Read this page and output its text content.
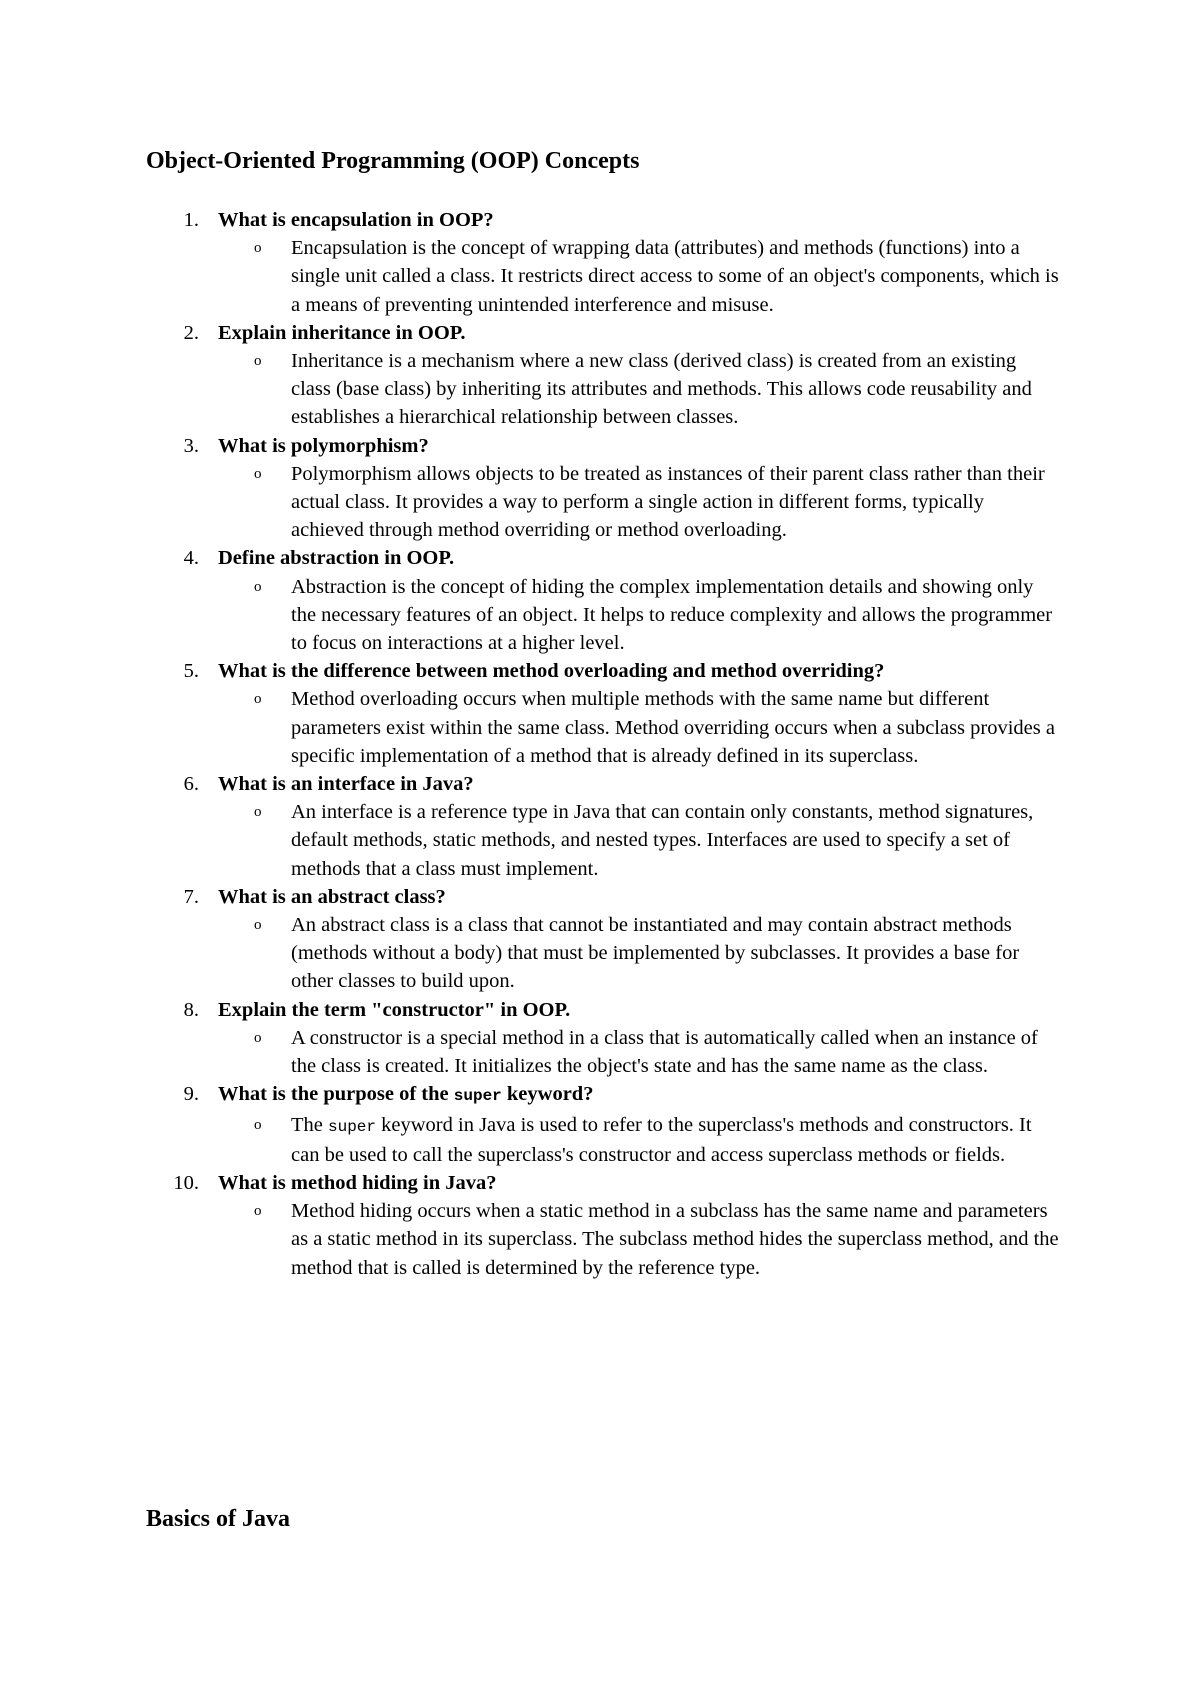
Object-Oriented Programming (OOP) Concepts
1. What is encapsulation in OOP?
o Encapsulation is the concept of wrapping data (attributes) and methods (functions) into a single unit called a class. It restricts direct access to some of an object's components, which is a means of preventing unintended interference and misuse.
2. Explain inheritance in OOP.
o Inheritance is a mechanism where a new class (derived class) is created from an existing class (base class) by inheriting its attributes and methods. This allows code reusability and establishes a hierarchical relationship between classes.
3. What is polymorphism?
o Polymorphism allows objects to be treated as instances of their parent class rather than their actual class. It provides a way to perform a single action in different forms, typically achieved through method overriding or method overloading.
4. Define abstraction in OOP.
o Abstraction is the concept of hiding the complex implementation details and showing only the necessary features of an object. It helps to reduce complexity and allows the programmer to focus on interactions at a higher level.
5. What is the difference between method overloading and method overriding?
o Method overloading occurs when multiple methods with the same name but different parameters exist within the same class. Method overriding occurs when a subclass provides a specific implementation of a method that is already defined in its superclass.
6. What is an interface in Java?
o An interface is a reference type in Java that can contain only constants, method signatures, default methods, static methods, and nested types. Interfaces are used to specify a set of methods that a class must implement.
7. What is an abstract class?
o An abstract class is a class that cannot be instantiated and may contain abstract methods (methods without a body) that must be implemented by subclasses. It provides a base for other classes to build upon.
8. Explain the term "constructor" in OOP.
o A constructor is a special method in a class that is automatically called when an instance of the class is created. It initializes the object's state and has the same name as the class.
9. What is the purpose of the super keyword?
o The super keyword in Java is used to refer to the superclass's methods and constructors. It can be used to call the superclass's constructor and access superclass methods or fields.
10. What is method hiding in Java?
o Method hiding occurs when a static method in a subclass has the same name and parameters as a static method in its superclass. The subclass method hides the superclass method, and the method that is called is determined by the reference type.
Basics of Java
